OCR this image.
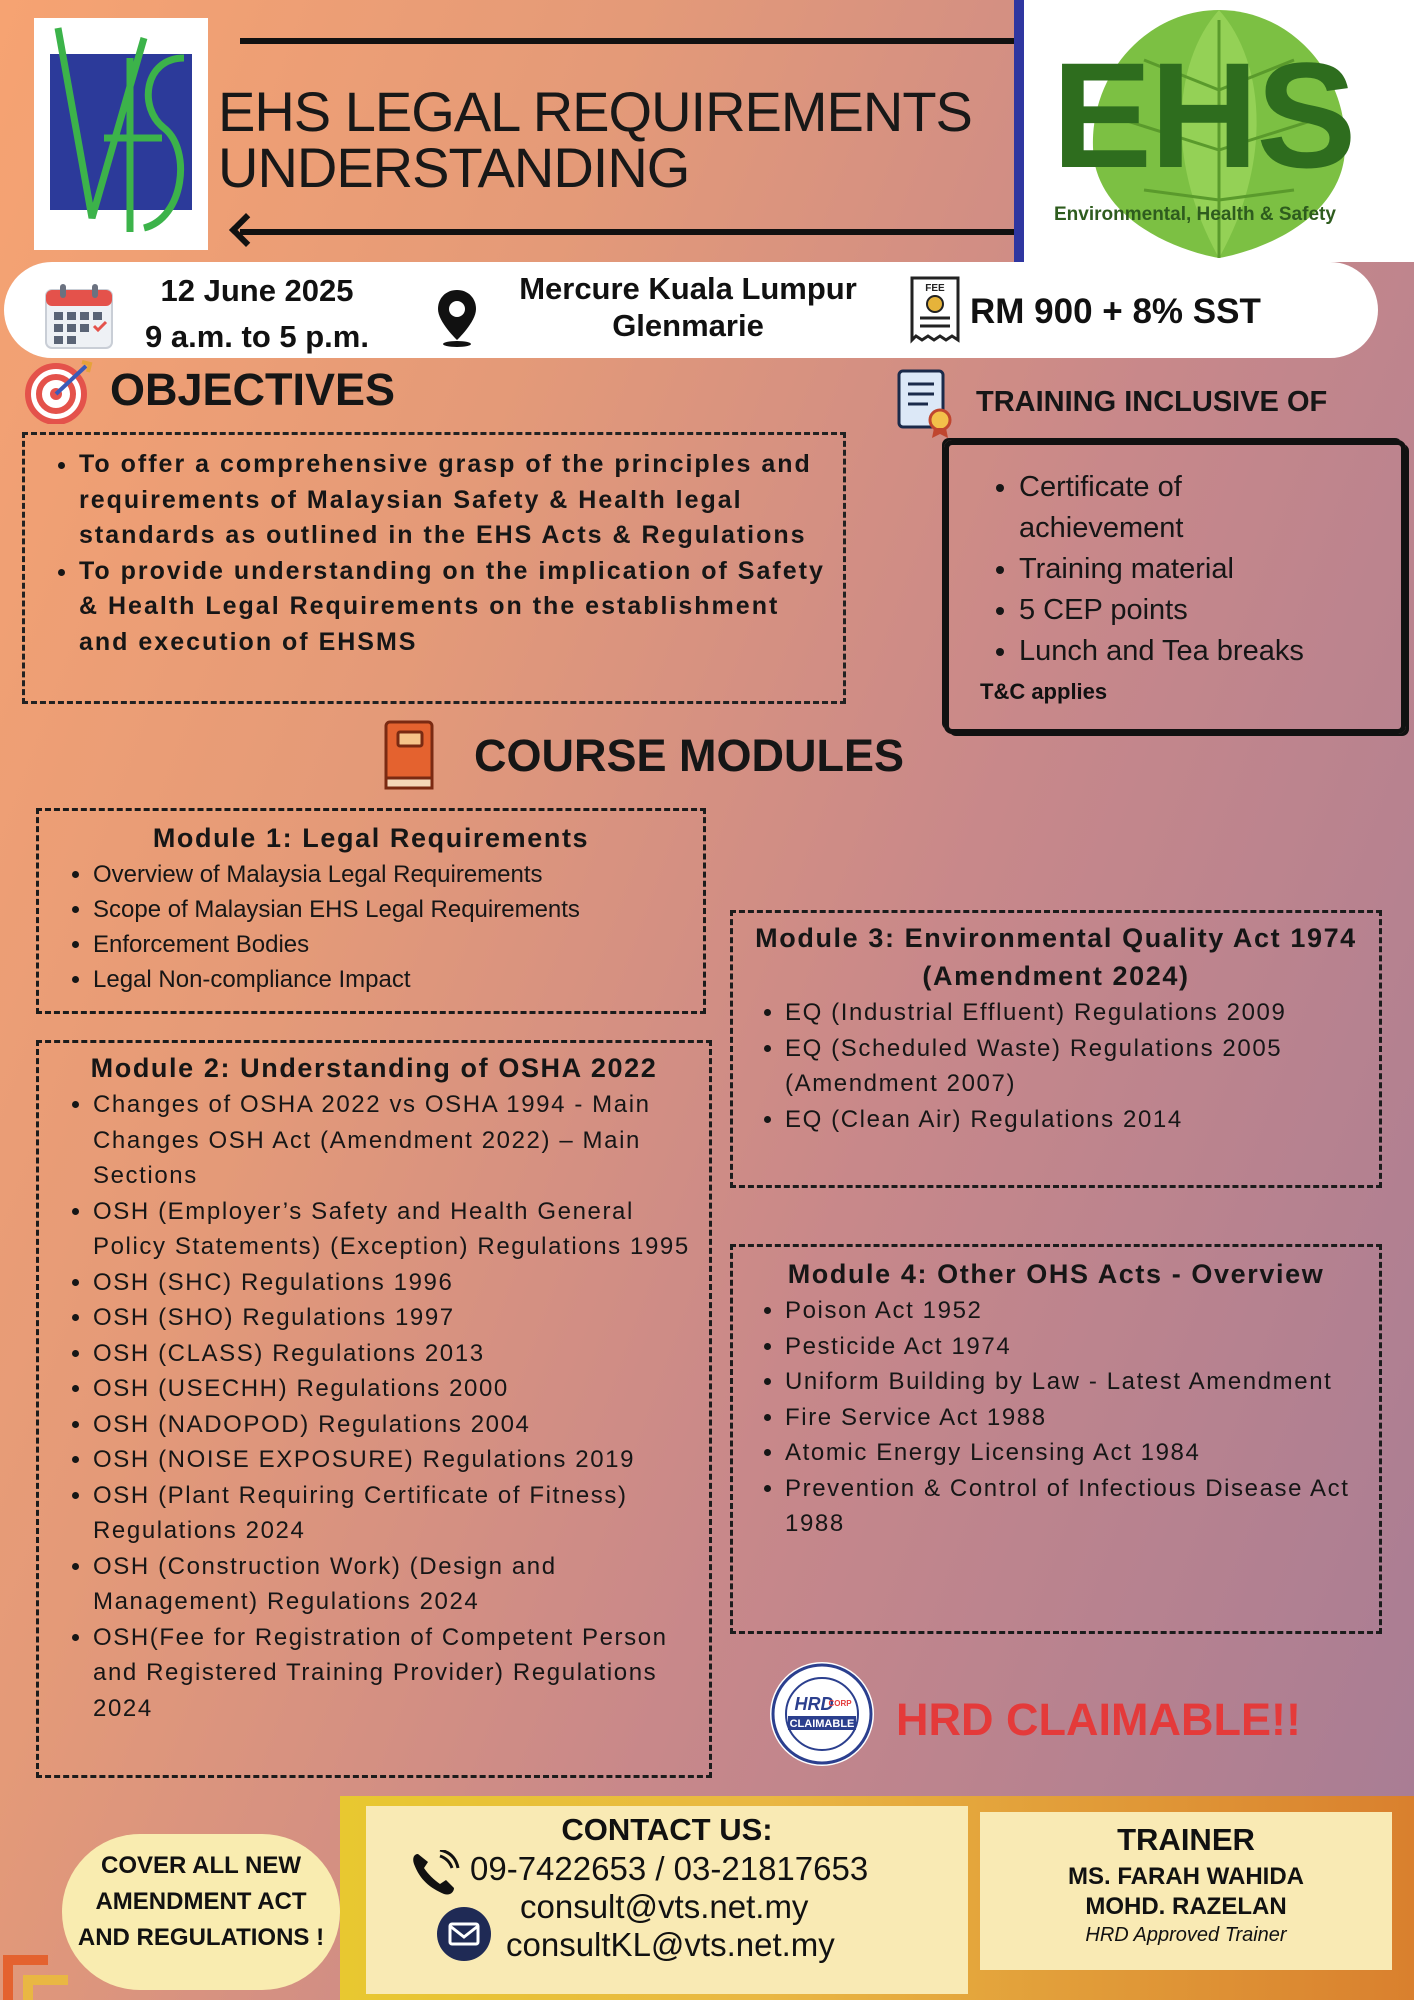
EHS LEGAL REQUIREMENTS
UNDERSTANDING	EHS
Environmental, Health & Safety
12 June 2025
9 a.m. to 5 p.m.
Mercure Kuala Lumpur
Glenmarie
FEE
RM 900 + 8% SST
OBJECTIVES
• To offer a comprehensive grasp of the principles and requirements of Malaysian Safety & Health legal standards as outlined in the EHS Acts & Regulations
• To provide understanding on the implication of Safety & Health Legal Requirements on the establishment and execution of EHSMS
TRAINING INCLUSIVE OF
• Certificate of achievement
• Training material
• 5 CEP points
• Lunch and Tea breaks
T&C applies
COURSE MODULES
Module 1: Legal Requirements
• Overview of Malaysia Legal Requirements
• Scope of Malaysian EHS Legal Requirements
• Enforcement Bodies
• Legal Non-compliance Impact
Module 2: Understanding of OSHA 2022
• Changes of OSHA 2022 vs OSHA 1994 - Main Changes OSH Act (Amendment 2022) – Main Sections
• OSH (Employer’s Safety and Health General Policy Statements) (Exception) Regulations 1995
• OSH (SHC) Regulations 1996
• OSH (SHO) Regulations 1997
• OSH (CLASS) Regulations 2013
• OSH (USECHH) Regulations 2000
• OSH (NADOPOD) Regulations 2004
• OSH (NOISE EXPOSURE) Regulations 2019
• OSH (Plant Requiring Certificate of Fitness) Regulations 2024
• OSH (Construction Work) (Design and Management) Regulations 2024
• OSH(Fee for Registration of Competent Person and Registered Training Provider) Regulations 2024
Module 3: Environmental Quality Act 1974 (Amendment 2024)
• EQ (Industrial Effluent) Regulations 2009
• EQ (Scheduled Waste) Regulations 2005 (Amendment 2007)
• EQ (Clean Air) Regulations 2014
Module 4: Other OHS Acts - Overview
• Poison Act 1952
• Pesticide Act 1974
• Uniform Building by Law - Latest Amendment
• Fire Service Act 1988
• Atomic Energy Licensing Act 1984
• Prevention & Control of Infectious Disease Act 1988
HRD
CORP
CLAIMABLE HRD CLAIMABLE!!
COVER ALL NEW
AMENDMENT ACT
AND REGULATIONS !
CONTACT US:
09-7422653 / 03-21817653
consult@vts.net.my
consultKL@vts.net.my
TRAINER
MS. FARAH WAHIDA
MOHD. RAZELAN
HRD Approved Trainer
